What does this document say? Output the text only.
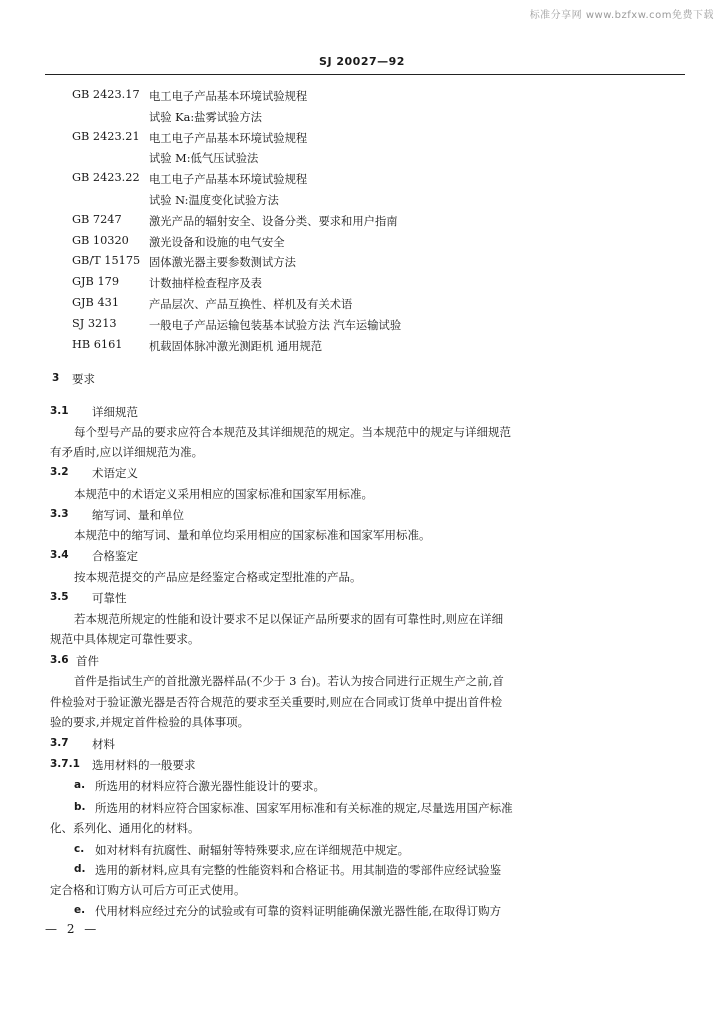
标准分享网 www.bzfxw.com免费下载
SJ 20027—92
GB 2423.17 电工电子产品基本环境试验规程
试验 Ka:盐雾试验方法
GB 2423.21 电工电子产品基本环境试验规程
试验 M:低气压试验法
GB 2423.22 电工电子产品基本环境试验规程
试验 N:温度变化试验方法
GB 7247 激光产品的辐射安全、设备分类、要求和用户指南
GB 10320 激光设备和设施的电气安全
GB/T 15175 固体激光器主要参数测试方法
GJB 179	计数抽样检查程序及表
GJB 431	产品层次、产品互换性、样机及有关术语
SJ 3213	一般电子产品运输包装基本试验方法 汽车运输试验
HB 6161 机载固体脉冲激光测距机 通用规范
3 要求
3.1 详细规范
每个型号产品的要求应符合本规范及其详细规范的规定。当本规范中的规定与详细规范
有矛盾时,应以详细规范为准。
3.2 术语定义
本规范中的术语定义采用相应的国家标准和国家军用标准。
3.3 缩写词、量和单位
本规范中的缩写词、量和单位均采用相应的国家标准和国家军用标准。
3.4 合格鉴定
按本规范提交的产品应是经鉴定合格或定型批准的产品。
3.5 可靠性
若本规范所规定的性能和设计要求不足以保证产品所要求的固有可靠性时,则应在详细
规范中具体规定可靠性要求。
3.6 首件
首件是指试生产的首批激光器样品(不少于 3 台)。若认为按合同进行正规生产之前,首
件检验对于验证激光器是否符合规范的要求至关重要时,则应在合同或订货单中提出首件检
验的要求,并规定首件检验的具体事项。
3.7 材料
3.7.1 选用材料的一般要求
a. 所选用的材料应符合激光器性能设计的要求。
b. 所选用的材料应符合国家标准、国家军用标准和有关标准的规定,尽量选用国产标准
化、系列化、通用化的材料。
c. 如对材料有抗腐性、耐辐射等特殊要求,应在详细规范中规定。
d. 选用的新材料,应具有完整的性能资料和合格证书。用其制造的零部件应经试验鉴
定合格和订购方认可后方可正式使用。
e. 代用材料应经过充分的试验或有可靠的资料证明能确保激光器性能,在取得订购方
— 2 —
